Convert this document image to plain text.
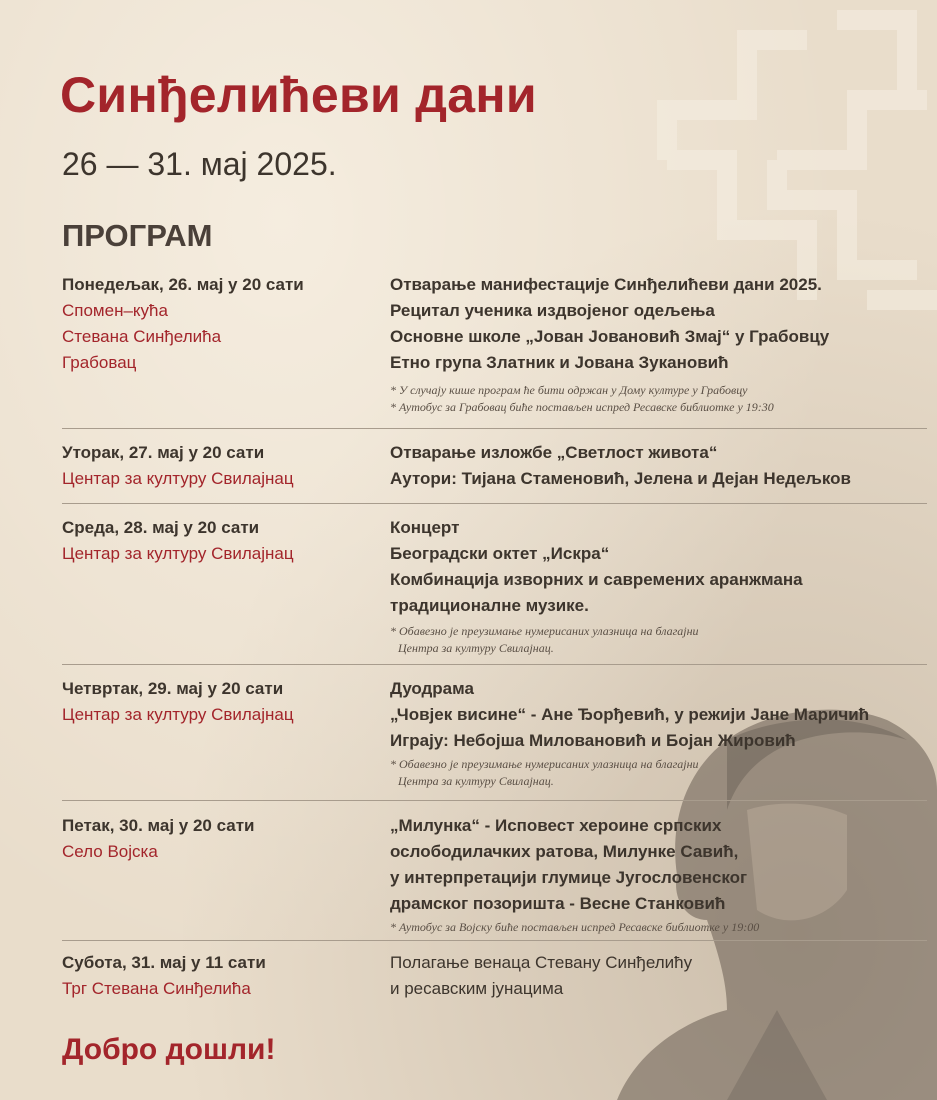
Синђелићеви дани
26 — 31. мај 2025.
ПРОГРАМ
Понедељак, 26. мај у 20 сати
Спомен–кућа
Стевана Синђелића
Грабовац
Отварање манифестације Синђелићеви дани 2025.
Рецитал ученика издвојеног одељења
Основне школе „Јован Јовановић Змај“ у Грабовцу
Етно група Златник и Јована Зукановић
* У случају кише програм ће бити одржан у Дому културе у Грабовцу
* Аутобус за Грабовац биће постављен испред Ресавске библиотке у 19:30
Уторак, 27. мај у 20 сати
Центар за културу Свилајнац
Отварање изложбе „Светлост живота“
Аутори: Тијана Стаменовић, Јелена и Дејан Недељков
Среда, 28. мај у 20 сати
Центар за културу Свилајнац
Концерт
Београдски октет „Искра“
Комбинација изворних и савремених аранжмана
традиционалне музике.
* Обавезно је преузимање нумерисаних улазница на благајни
Центра за културу Свилајнац.
Четвртак, 29. мај у 20 сати
Центар за културу Свилајнац
Дуодрама
„Човјек висине“ - Ане Ђорђевић, у режији Јане Маричић
Играју: Небојша Миловановић и Бојан Жировић
* Обавезно је преузимање нумерисаних улазница на благајни
Центра за културу Свилајнац.
Петак, 30. мај у 20 сати
Село Војска
„Милунка“ - Исповест хероине српских
ослободилачких ратова, Милунке Савић,
у интерпретацији глумице Југословенског
драмског позоришта - Весне Станковић
* Аутобус за Војску биће постављен испред Ресавске библиотке у 19:00
Субота, 31. мај у 11 сати
Трг Стевана Синђелића
Полагање венаца Стевану Синђелићу
и ресавским јунацима
Добро дошли!
